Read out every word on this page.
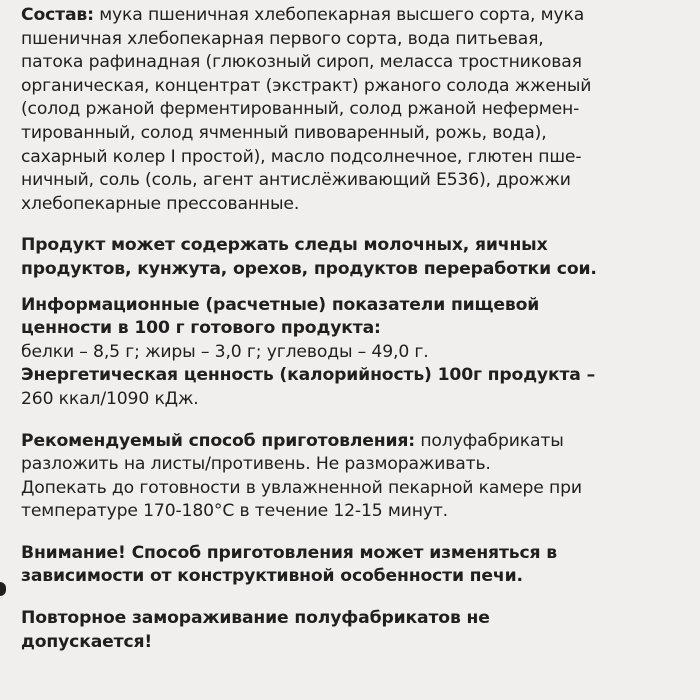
Состав: мука пшеничная хлебопекарная высшего сорта, мука
пшеничная хлебопекарная первого сорта, вода питьевая,
патока рафинадная (глюкозный сироп, меласса тростниковая
органическая, концентрат (экстракт) ржаного солода жженый
(солод ржаной ферментированный, солод ржаной нефермен-
тированный, солод ячменный пивоваренный, рожь, вода),
сахарный колер I простой), масло подсолнечное, глютен пше-
ничный, соль (соль, агент антислёживающий Е536), дрожжи
хлебопекарные прессованные.
Продукт может содержать следы молочных, яичных
продуктов, кунжута, орехов, продуктов переработки сои.
Информационные (расчетные) показатели пищевой
ценности в 100 г готового продукта:
белки – 8,5 г; жиры – 3,0 г; углеводы – 49,0 г.
Энергетическая ценность (калорийность) 100г продукта –
260 ккал/1090 кДж.
Рекомендуемый способ приготовления: полуфабрикаты
разложить на листы/противень. Не размораживать.
Допекать до готовности в увлажненной пекарной камере при
температуре 170-180°С в течение 12-15 минут.
Внимание! Способ приготовления может изменяться в
зависимости от конструктивной особенности печи.
Повторное замораживание полуфабрикатов не
допускается!
